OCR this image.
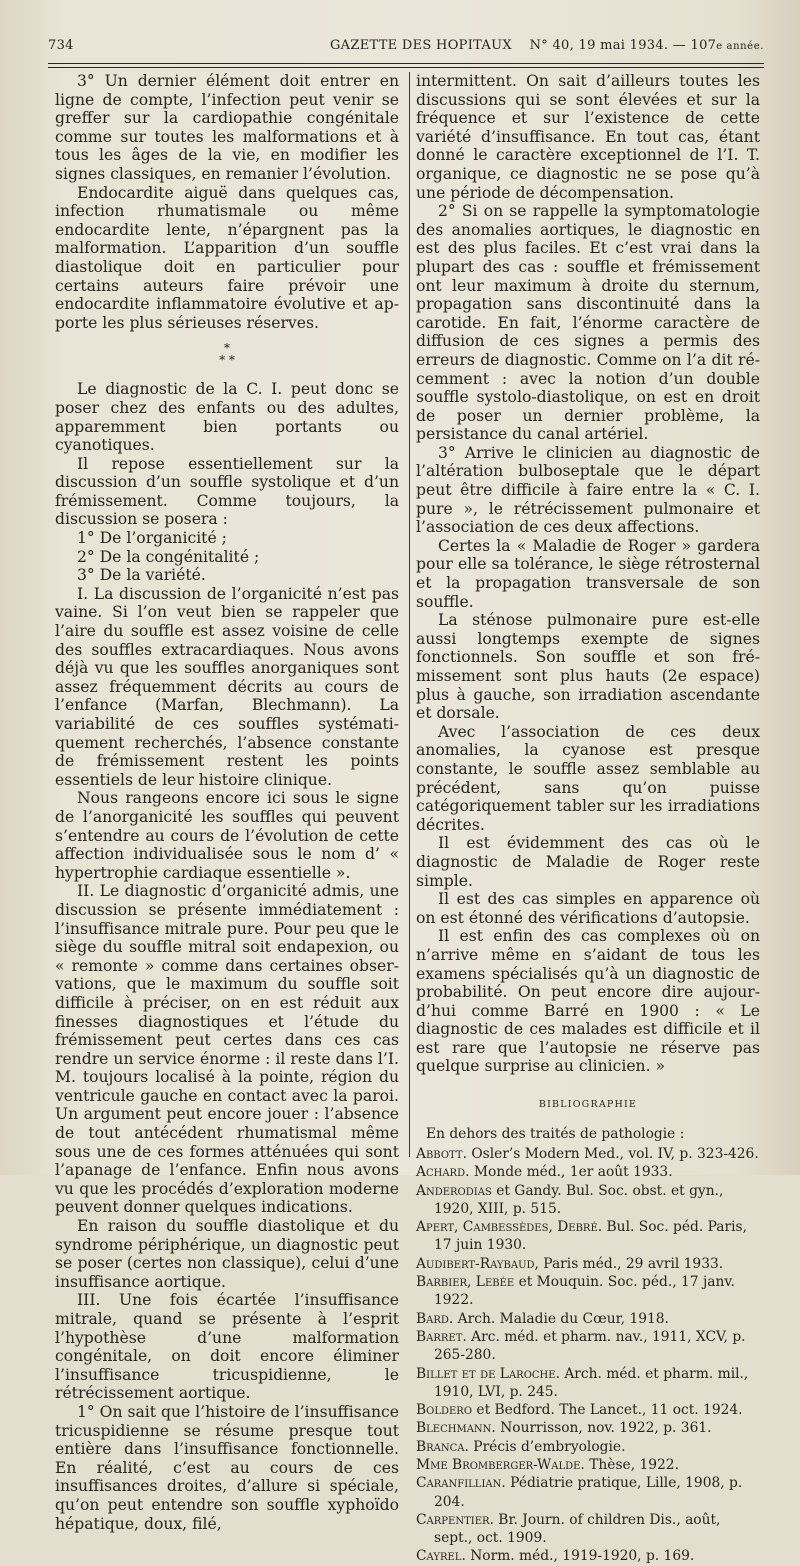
734	GAZETTE DES HOPITAUX N° 40, 19 mai 1934. — 107e année.

3° Un dernier élément doit entrer en ligne de compte, l’infection peut venir se greffer sur la cardiopathie congénitale comme sur toutes les malformations et à tous les âges de la vie, en modifier les signes classiques, en remanier l’évolution.

Endocardite aiguë dans quelques cas, infection rhumatismale ou même endocardite lente, n’épargnent pas la malformation. L’apparition d’un souffle diastolique doit en particulier pour certains auteurs faire prévoir une endocardite inflammatoire évolutive et apporte les plus sérieuses réserves.

*
* *

Le diagnostic de la C. I. peut donc se poser chez des enfants ou des adultes, apparemment bien portants ou cyanotiques.

Il repose essentiellement sur la discussion d’un souffle systolique et d’un frémissement. Comme toujours, la discussion se posera :

1° De l’organicité ;

2° De la congénitalité ;

3° De la variété.

I. La discussion de l’organicité n’est pas vaine. Si l’on veut bien se rappeler que l’aire du souffle est assez voisine de celle des souffles extracardiaques. Nous avons déjà vu que les souffles anorganiques sont assez fréquemment décrits au cours de l’enfance (Marfan, Blechmann). La variabilité de ces souffles systématiquement recherchés, l’absence constante de frémissement restent les points essentiels de leur histoire clinique.

Nous rangeons encore ici sous le signe de l’anorganicité les souffles qui peuvent s’entendre au cours de l’évolution de cette affection individualisée sous le nom d’ « hypertrophie cardiaque essentielle ».

II. Le diagnostic d’organicité admis, une discussion se présente immédiatement : l’insuffisance mitrale pure. Pour peu que le siège du souffle mitral soit endapexion, ou « remonte » comme dans certaines observations, que le maximum du souffle soit difficile à préciser, on en est réduit aux finesses diagnostiques et l’étude du frémissement peut certes dans ces cas rendre un service énorme : il reste dans l’I. M. toujours localisé à la pointe, région du ventricule gauche en contact avec la paroi. Un argument peut encore jouer : l’absence de tout antécédent rhumatismal même sous une de ces formes atténuées qui sont l’apanage de l’enfance. Enfin nous avons vu que les procédés d’exploration moderne peuvent donner quelques indications.

En raison du souffle diastolique et du syndrome périphérique, un diagnostic peut se poser (certes non classique), celui d’une insuffisance aortique.

III. Une fois écartée l’insuffisance mitrale, quand se présente à l’esprit l’hypothèse d’une malformation congénitale, on doit encore éliminer l’insuffisance tricuspidienne, le rétrécissement aortique.

1° On sait que l’histoire de l’insuffisance tricuspidienne se résume presque tout entière dans l’insuffisance fonctionnelle. En réalité, c’est au cours de ces insuffisances droites, d’allure si spéciale, qu’on peut entendre son souffle xyphoïdo hépatique, doux, filé,

intermittent. On sait d’ailleurs toutes les discussions qui se sont élevées et sur la fréquence et sur l’existence de cette variété d’insuffisance. En tout cas, étant donné le caractère exceptionnel de l’I. T. organique, ce diagnostic ne se pose qu’à une période de décompensation.

2° Si on se rappelle la symptomatologie des anomalies aortiques, le diagnostic en est des plus faciles. Et c’est vrai dans la plupart des cas : souffle et frémissement ont leur maximum à droite du sternum, propagation sans discontinuité dans la carotide. En fait, l’énorme caractère de diffusion de ces signes a permis des erreurs de diagnostic. Comme on l’a dit récemment : avec la notion d’un double souffle systolo-diastolique, on est en droit de poser un dernier problème, la persistance du canal artériel.

3° Arrive le clinicien au diagnostic de l’altération bulboseptale que le départ peut être difficile à faire entre la « C. I. pure », le rétrécissement pulmonaire et l’association de ces deux affections.

Certes la « Maladie de Roger » gardera pour elle sa tolérance, le siège rétrosternal et la propagation transversale de son souffle.

La sténose pulmonaire pure est-elle aussi longtemps exempte de signes fonctionnels. Son souffle et son frémissement sont plus hauts (2e espace) plus à gauche, son irradiation ascendante et dorsale.

Avec l’association de ces deux anomalies, la cyanose est presque constante, le souffle assez semblable au précédent, sans qu’on puisse catégoriquement tabler sur les irradiations décrites.

Il est évidemment des cas où le diagnostic de Maladie de Roger reste simple.

Il est des cas simples en apparence où on est étonné des vérifications d’autopsie.

Il est enfin des cas complexes où on n’arrive même en s’aidant de tous les examens spécialisés qu’à un diagnostic de probabilité. On peut encore dire aujourd’hui comme Barré en 1900 : « Le diagnostic de ces malades est difficile et il est rare que l’autopsie ne réserve pas quelque surprise au clinicien. »

BIBLIOGRAPHIE
En dehors des traités de pathologie :
Abbott. Osler’s Modern Med., vol. IV, p. 323-426.
Achard. Monde méd., 1er août 1933.
Anderodias et Gandy. Bul. Soc. obst. et gyn., 1920, XIII, p. 515.
Apert, Cambessèdes, Debré. Bul. Soc. péd. Paris, 17 juin 1930.
Audibert-Raybaud, Paris méd., 29 avril 1933.
Barbier, Lebée et Mouquin. Soc. péd., 17 janv. 1922.
Bard. Arch. Maladie du Cœur, 1918.
Barret. Arc. méd. et pharm. nav., 1911, XCV, p. 265-280.
Billet et de Laroche. Arch. méd. et pharm. mil., 1910, LVI, p. 245.
Boldero et Bedford. The Lancet., 11 oct. 1924.
Blechmann. Nourrisson, nov. 1922, p. 361.
Branca. Précis d’embryologie.
Mme Bromberger-Walde. Thèse, 1922.
Caranfillian. Pédiatrie pratique, Lille, 1908, p. 204.
Carpentier. Br. Journ. of children Dis., août, sept., oct. 1909.
Cayrel. Norm. méd., 1919-1920, p. 169.
